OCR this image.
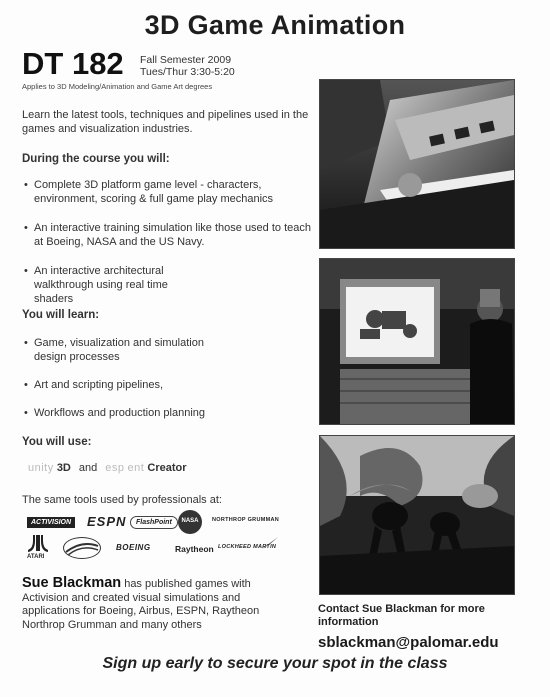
3D Game Animation
DT 182 Fall Semester 2009
Tues/Thur 3:30-5:20
Applies to 3D Modeling/Animation and Game Art degrees
Learn the latest tools, techniques and pipelines used in the games and visualization industries.
During the course you will:
• Complete 3D platform game level - characters, environment, scoring & full game play mechanics
• An interactive training simulation like those used to teach at Boeing, NASA and the US Navy.
• An interactive architectural walkthrough using real time shaders
You will learn:
• Game, visualization and simulation design processes
• Art and scripting pipelines,
• Workflows and production planning
You will use:
unity 3D and esp ent Creator
The same tools used by professionals at:
ACTIVISION	ESPN	FlashPoint	NASA	NORTHROP GRUMMAN
ATARI
BOEING	Raytheon LOCKHEED MARTIN
Sue Blackman has published games with Activision and created visual simulations and applications for Boeing, Airbus, ESPN, Raytheon Northrop Grumman and many others
Contact Sue Blackman for more information
sblackman@palomar.edu
Sign up early to secure your spot in the class
